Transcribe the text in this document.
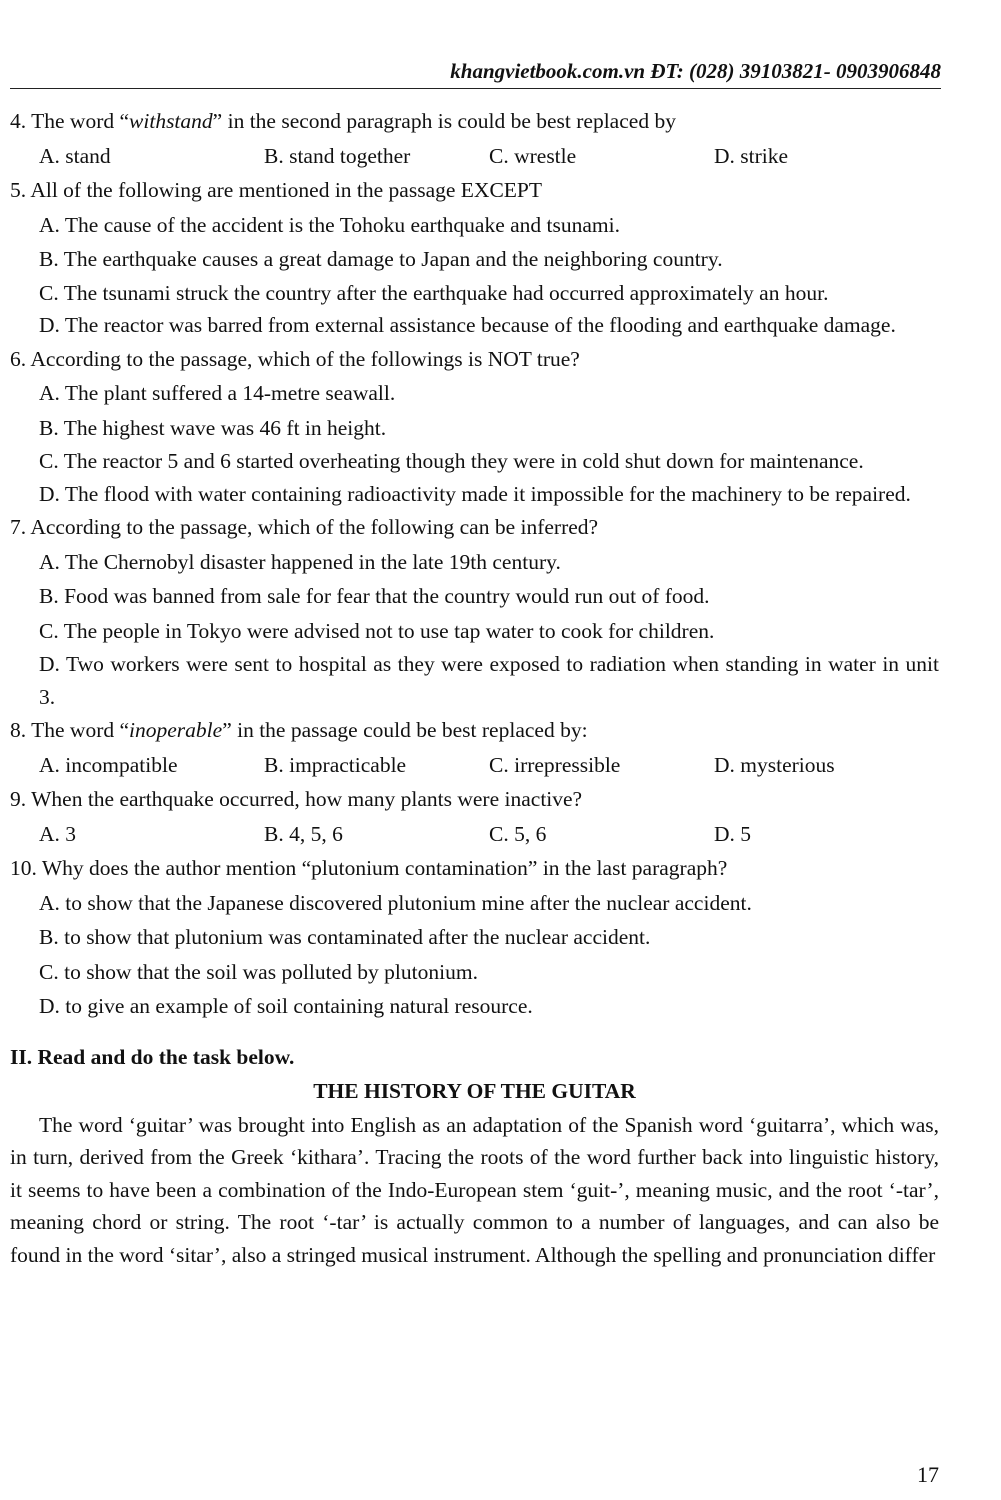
khangvietbook.com.vn ĐT: (028) 39103821- 0903906848
4. The word “withstand” in the second paragraph is could be best replaced by
A. stand	B. stand together	C. wrestle	D. strike
5. All of the following are mentioned in the passage EXCEPT
A. The cause of the accident is the Tohoku earthquake and tsunami.
B. The earthquake causes a great damage to Japan and the neighboring country.
C. The tsunami struck the country after the earthquake had occurred approximately an hour.
D. The reactor was barred from external assistance because of the flooding and earthquake damage.
6. According to the passage, which of the followings is NOT true?
A. The plant suffered a 14-metre seawall.
B. The highest wave was 46 ft in height.
C. The reactor 5 and 6 started overheating though they were in cold shut down for maintenance.
D. The flood with water containing radioactivity made it impossible for the machinery to be repaired.
7. According to the passage, which of the following can be inferred?
A. The Chernobyl disaster happened in the late 19th century.
B. Food was banned from sale for fear that the country would run out of food.
C. The people in Tokyo were advised not to use tap water to cook for children.
D. Two workers were sent to hospital as they were exposed to radiation when standing in water in unit 3.
8. The word “inoperable” in the passage could be best replaced by:
A. incompatible	B. impracticable	C. irrepressible	D. mysterious
9. When the earthquake occurred, how many plants were inactive?
A. 3	B. 4, 5, 6	C. 5, 6	D. 5
10. Why does the author mention “plutonium contamination” in the last paragraph?
A. to show that the Japanese discovered plutonium mine after the nuclear accident.
B. to show that plutonium was contaminated after the nuclear accident.
C. to show that the soil was polluted by plutonium.
D. to give an example of soil containing natural resource.
II. Read and do the task below.
THE HISTORY OF THE GUITAR
The word ‘guitar’ was brought into English as an adaptation of the Spanish word ‘guitarra’, which was, in turn, derived from the Greek ‘kithara’. Tracing the roots of the word further back into linguistic history, it seems to have been a combination of the Indo-European stem ‘guit-’, meaning music, and the root ‘-tar’, meaning chord or string. The root ‘-tar’ is actually common to a number of languages, and can also be found in the word ‘sitar’, also a stringed musical instrument. Although the spelling and pronunciation differ
17
